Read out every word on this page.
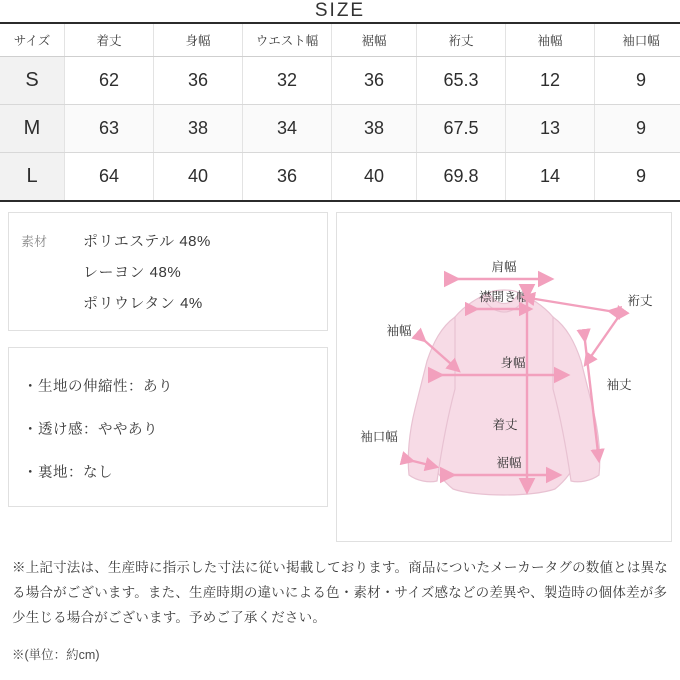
SIZE
サイズ	着丈	身幅	ウエスト幅	裾幅	裄丈	袖幅	袖口幅
S	62	36	32	36	65.3	12	9
M	63	38	34	38	67.5	13	9
L	64	40	36	40	69.8	14	9
素材	ポリエステル 48%
レーヨン 48%
ポリウレタン 4%
・生地の伸縮性：あり
・透け感：ややあり
・裏地：なし
肩幅
襟開き幅
袖幅
身幅
裄丈
袖丈
袖口幅
着丈
裾幅

※上記寸法は、生産時に指示した寸法に従い掲載しております。商品についたメーカータグの数値とは異なる場合がございます。また、生産時期の違いによる色・素材・サイズ感などの差異や、製造時の個体差が多少生じる場合がございます。予めご了承ください。

※(単位：約cm)
